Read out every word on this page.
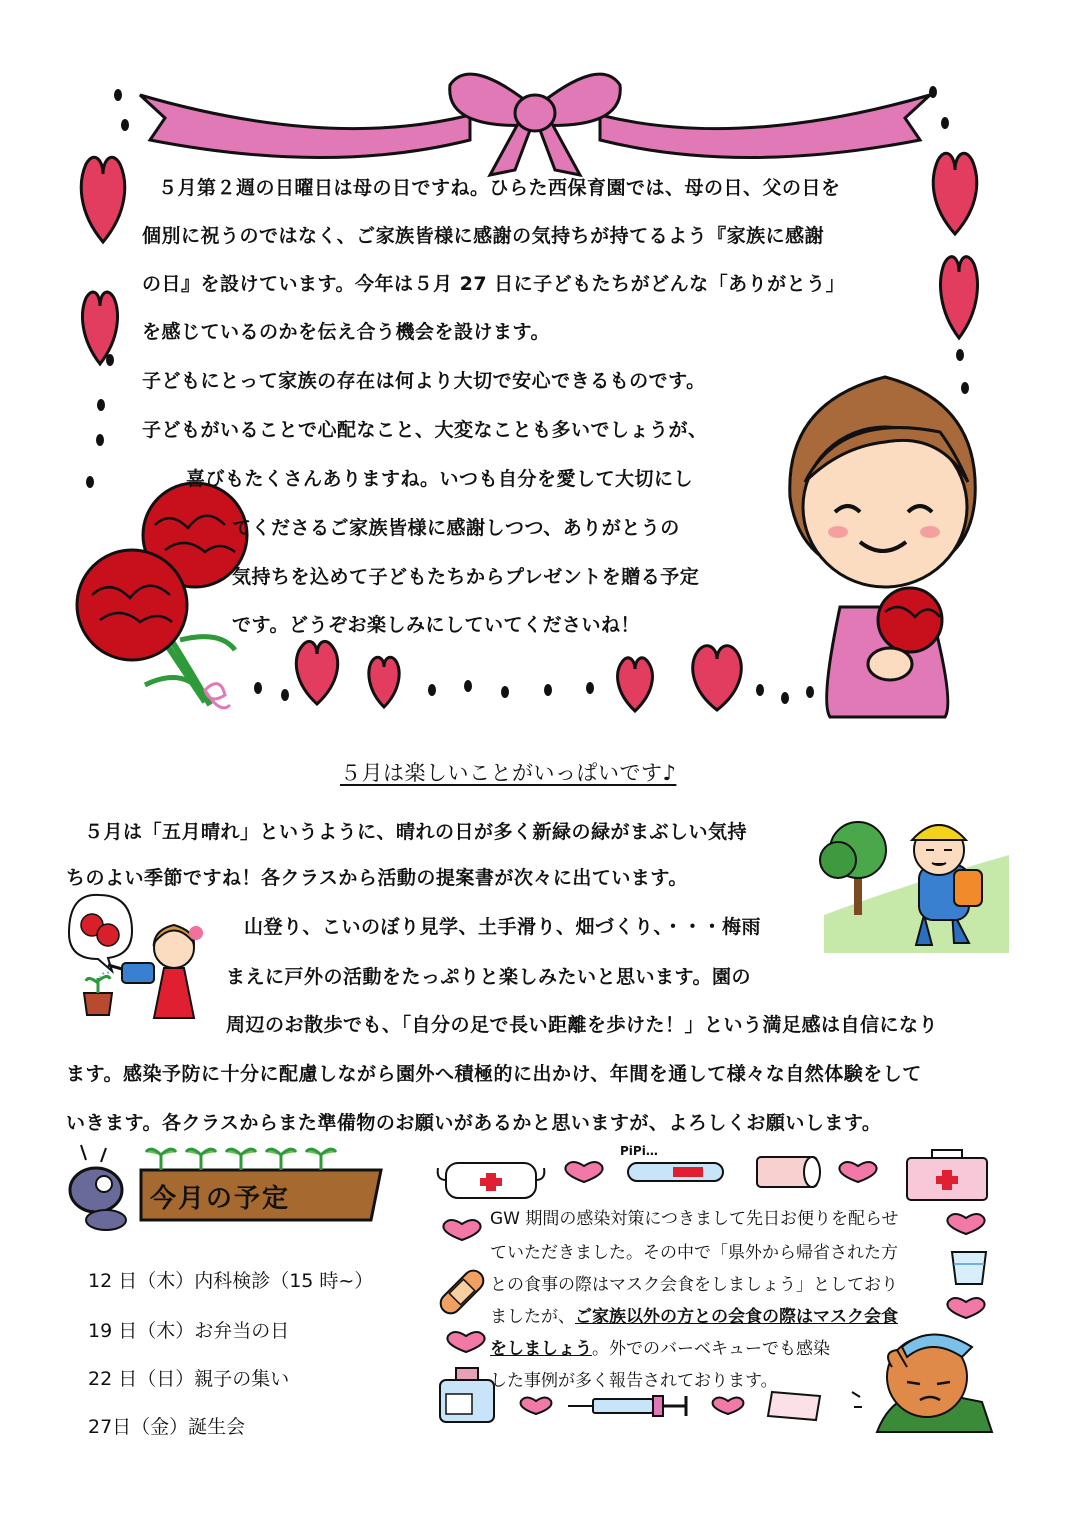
５月第２週の日曜日は母の日ですね。ひらた西保育園では、母の日、父の日を
個別に祝うのではなく、ご家族皆様に感謝の気持ちが持てるよう『家族に感謝
の日』を設けています。今年は５月 27 日に子どもたちがどんな「ありがとう」
を感じているのかを伝え合う機会を設けます。
子どもにとって家族の存在は何より大切で安心できるものです。
子どもがいることで心配なこと、大変なことも多いでしょうが、
喜びもたくさんありますね。いつも自分を愛して大切にし
てくださるご家族皆様に感謝しつつ、ありがとうの
気持ちを込めて子どもたちからプレゼントを贈る予定
です。どうぞお楽しみにしていてくださいね！
５月は楽しいことがいっぱいです♪
５月は「五月晴れ」というように、晴れの日が多く新緑の緑がまぶしい気持
ちのよい季節ですね！各クラスから活動の提案書が次々に出ています。
山登り、こいのぼり見学、土手滑り、畑づくり、・・・梅雨
まえに戸外の活動をたっぷりと楽しみたいと思います。園の
周辺のお散歩でも、「自分の足で長い距離を歩けた！」という満足感は自信になり
ます。感染予防に十分に配慮しながら園外へ積極的に出かけ、年間を通して様々な自然体験をして
いきます。各クラスからまた準備物のお願いがあるかと思いますが、よろしくお願いします。
今月の予定
12 日（木）内科検診（15 時~）
19 日（木）お弁当の日
22 日（日）親子の集い
27日（金）誕生会
PiPi…
GW 期間の感染対策につきまして先日お便りを配らせ
ていただきました。その中で「県外から帰省された方
との食事の際はマスク会食をしましょう」としており
ましたが、ご家族以外の方との会食の際はマスク会食
をしましょう。外でのバーベキューでも感染
した事例が多く報告されております。
